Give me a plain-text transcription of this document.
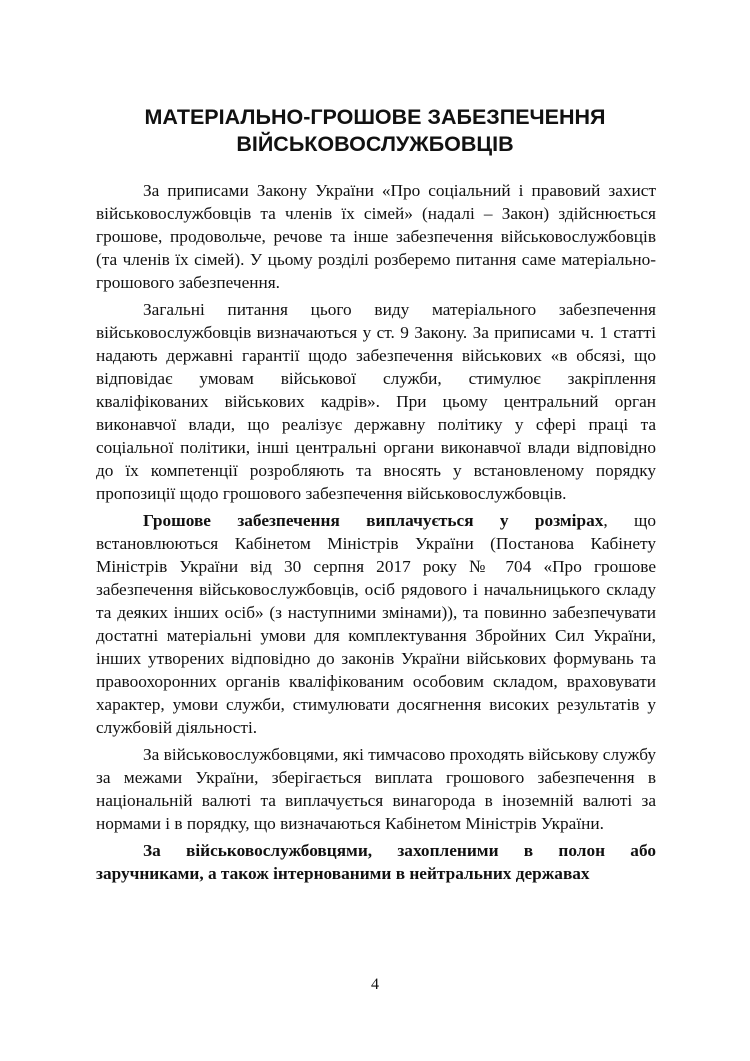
МАТЕРІАЛЬНО-ГРОШОВЕ ЗАБЕЗПЕЧЕННЯ
ВІЙСЬКОВОСЛУЖБОВЦІВ

За приписами Закону України «Про соціальний і правовий захист військовослужбовців та членів їх сімей» (надалі – Закон) здійснюється грошове, продовольче, речове та інше забезпечення військовослужбовців (та членів їх сімей). У цьому розділі розберемо питання саме матеріально-грошового забезпечення.

Загальні питання цього виду матеріального забезпечення військовослужбовців визначаються у ст. 9 Закону. За приписами ч. 1 статті надають державні гарантії щодо забезпечення військових «в обсязі, що відповідає умовам військової служби, стимулює закріплення кваліфікованих військових кадрів». При цьому центральний орган виконавчої влади, що реалізує державну політику у сфері праці та соціальної політики, інші центральні органи виконавчої влади відповідно до їх компетенції розробляють та вносять у встановленому порядку пропозиції щодо грошового забезпечення військовослужбовців.

Грошове забезпечення виплачується у розмірах, що встановлюються Кабінетом Міністрів України (Постанова Кабінету Міністрів України від 30 серпня 2017 року № 704 «Про грошове забезпечення військовослужбовців, осіб рядового і начальницького складу та деяких інших осіб» (з наступними змінами)), та повинно забезпечувати достатні матеріальні умови для комплектування Збройних Сил України, інших утворених відповідно до законів України військових формувань та правоохоронних органів кваліфікованим особовим складом, враховувати характер, умови служби, стимулювати досягнення високих результатів у службовій діяльності.

За військовослужбовцями, які тимчасово проходять військову службу за межами України, зберігається виплата грошового забезпечення в національній валюті та виплачується винагорода в іноземній валюті за нормами і в порядку, що визначаються Кабінетом Міністрів України.

За військовослужбовцями, захопленими в полон або заручниками, а також інтернованими в нейтральних державах

4
